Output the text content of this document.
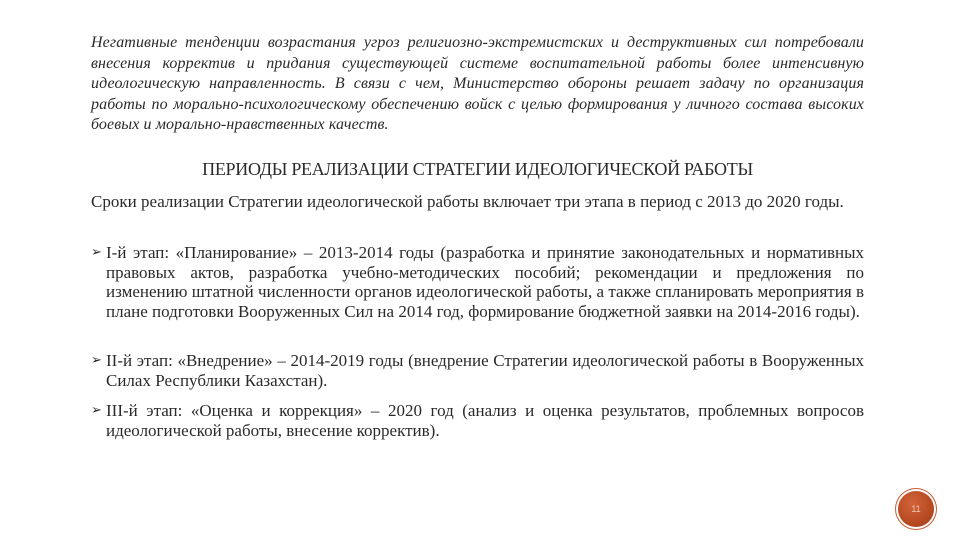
Негативные тенденции возрастания угроз религиозно-экстремистских и деструктивных сил потребовали внесения корректив и придания существующей системе воспитательной работы более интенсивную идеологическую направленность. В связи с чем, Министерство обороны решает задачу по организация работы по морально-психологическому обеспечению войск с целью формирования у личного состава высоких боевых и морально-нравственных качеств.

ПЕРИОДЫ РЕАЛИЗАЦИИ СТРАТЕГИИ ИДЕОЛОГИЧЕСКОЙ РАБОТЫ

Сроки реализации Стратегии идеологической работы включает три этапа в период с 2013 до 2020 годы.

➢ I-й этап: «Планирование» – 2013-2014 годы (разработка и принятие законодательных и нормативных правовых актов, разработка учебно-методических пособий; рекомендации и предложения по изменению штатной численности органов идеологической работы, а также спланировать мероприятия в плане подготовки Вооруженных Сил на 2014 год, формирование бюджетной заявки на 2014-2016 годы).
➢ II-й этап: «Внедрение» – 2014-2019 годы (внедрение Стратегии идеологической работы в Вооруженных Силах Республики Казахстан).
➢ III-й этап: «Оценка и коррекция» – 2020 год (анализ и оценка результатов, проблемных вопросов идеологической работы, внесение корректив).
11
